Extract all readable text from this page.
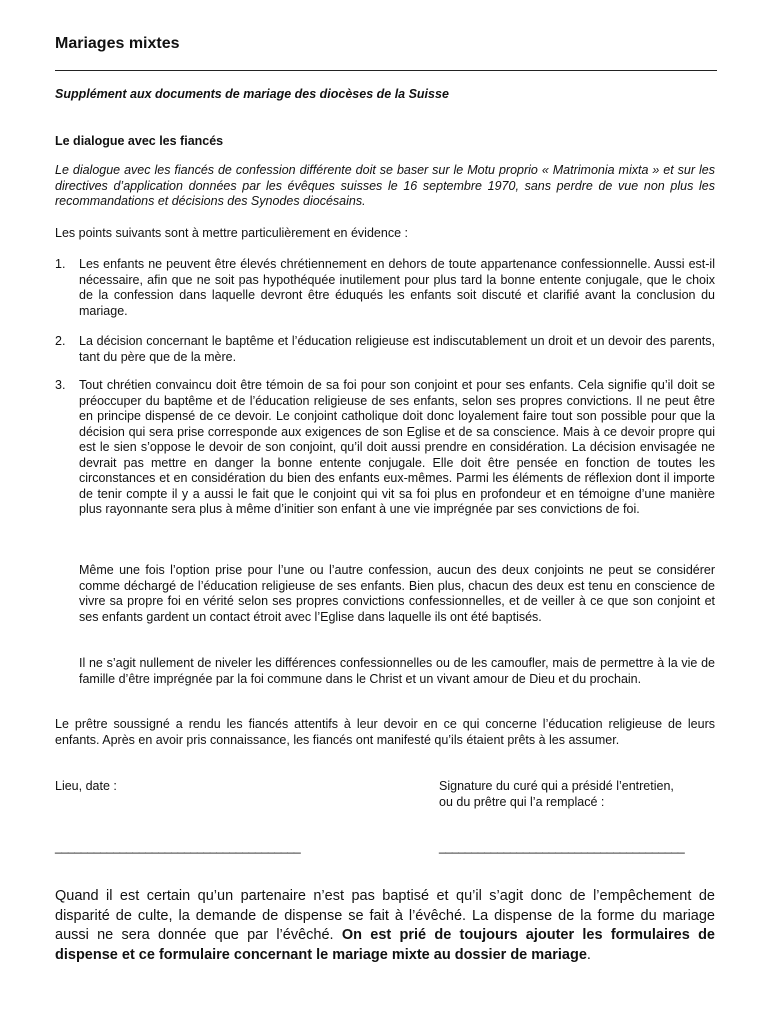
Mariages mixtes

Supplément aux documents de mariage des diocèses de la Suisse

Le dialogue avec les fiancés

Le dialogue avec les fiancés de confession différente doit se baser sur le Motu proprio « Matrimonia mixta » et sur les directives d’application données par les évêques suisses le 16 septembre 1970, sans perdre de vue non plus les recommandations et décisions des Synodes diocésains.

Les points suivants sont à mettre particulièrement en évidence :

1. Les enfants ne peuvent être élevés chrétiennement en dehors de toute appartenance confessionnelle. Aussi est-il nécessaire, afin que ne soit pas hypothéquée inutilement pour plus tard la bonne entente conjugale, que le choix de la confession dans laquelle devront être éduqués les enfants soit discuté et clarifié avant la conclusion du mariage.
2. La décision concernant le baptême et l’éducation religieuse est indiscutablement un droit et un devoir des parents, tant du père que de la mère.
3. Tout chrétien convaincu doit être témoin de sa foi pour son conjoint et pour ses enfants. Cela signifie qu’il doit se préoccuper du baptême et de l’éducation religieuse de ses enfants, selon ses propres convictions. Il ne peut être en principe dispensé de ce devoir. Le conjoint catholique doit donc loyalement faire tout son possible pour que la décision qui sera prise corresponde aux exigences de son Eglise et de sa conscience. Mais à ce devoir propre qui est le sien s’oppose le devoir de son conjoint, qu’il doit aussi prendre en considération. La décision envisagée ne devrait pas mettre en danger la bonne entente conjugale. Elle doit être pensée en fonction de toutes les circonstances et en considération du bien des enfants eux-mêmes. Parmi les éléments de réflexion dont il importe de tenir compte il y a aussi le fait que le conjoint qui vit sa foi plus en profondeur et en témoigne d’une manière plus rayonnante sera plus à même d’initier son enfant à une vie imprégnée par ses convictions de foi.

Même une fois l’option prise pour l’une ou l’autre confession, aucun des deux conjoints ne peut se considérer comme déchargé de l’éducation religieuse de ses enfants. Bien plus, chacun des deux est tenu en conscience de vivre sa propre foi en vérité selon ses propres convictions confessionnelles, et de veiller à ce que son conjoint et ses enfants gardent un contact étroit avec l’Eglise dans laquelle ils ont été baptisés.

Il ne s’agit nullement de niveler les différences confessionnelles ou de les camoufler, mais de permettre à la vie de famille d’être imprégnée par la foi commune dans le Christ et un vivant amour de Dieu et du prochain.

Le prêtre soussigné a rendu les fiancés attentifs à leur devoir en ce qui concerne l’éducation religieuse de leurs enfants. Après en avoir pris connaissance, les fiancés ont manifesté qu’ils étaient prêts à les assumer.

Lieu, date :	Signature du curé qui a présidé l’entretien,
ou du prêtre qui l’a remplacé :
______________________________________	______________________________________

Quand il est certain qu’un partenaire n’est pas baptisé et qu’il s’agit donc de l’empêchement de disparité de culte, la demande de dispense se fait à l’évêché. La dispense de la forme du mariage aussi ne sera donnée que par l’évêché. On est prié de toujours ajouter les formulaires de dispense et ce formulaire concernant le mariage mixte au dossier de mariage.
